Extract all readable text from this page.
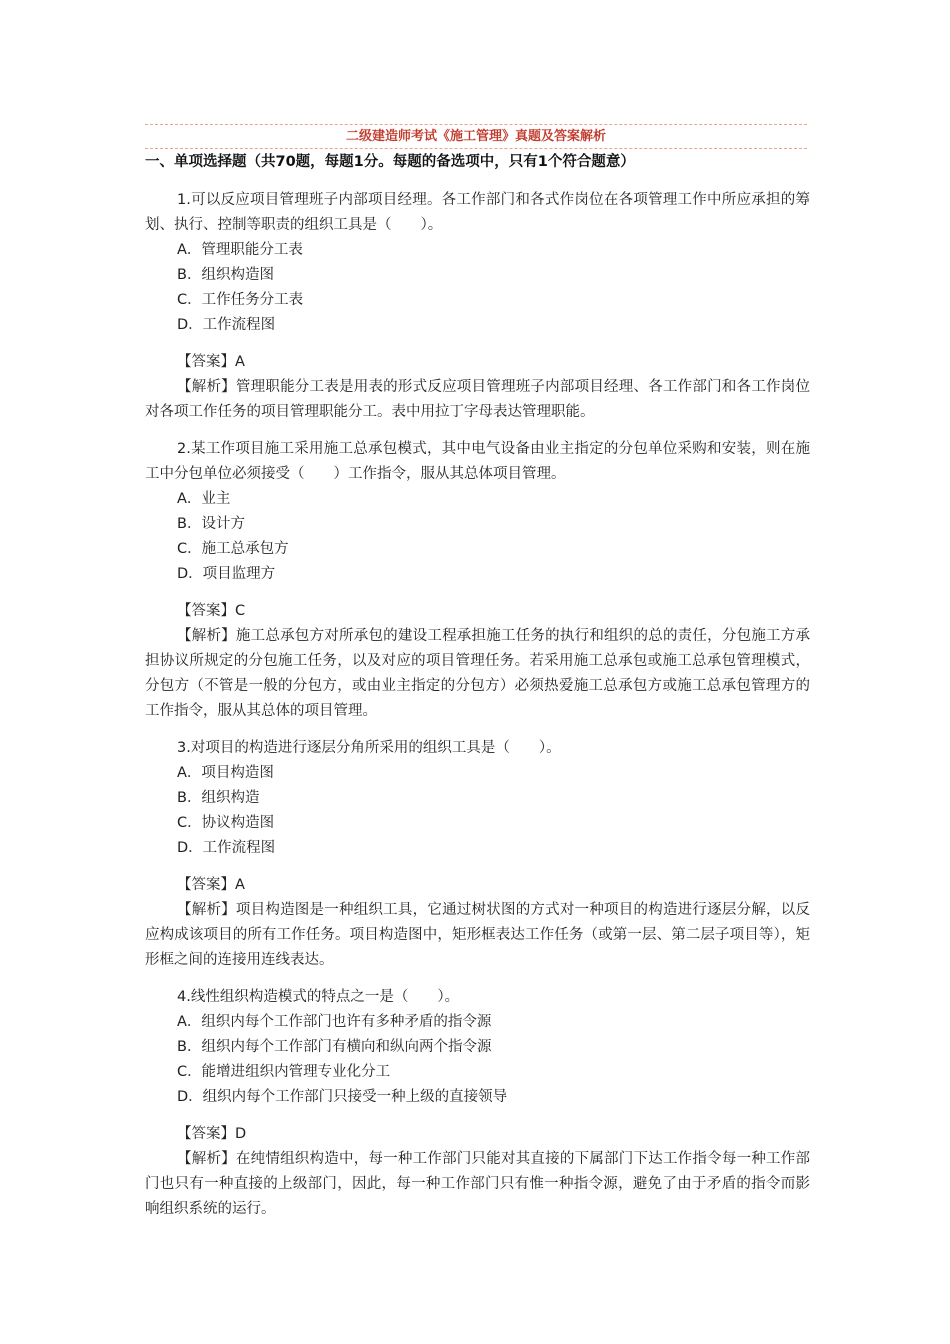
二级建造师考试《施工管理》真题及答案解析
一、单项选择题（共70题，每题1分。每题的备选项中，只有1个符合题意）

1.可以反应项目管理班子内部项目经理。各工作部门和各式作岗位在各项管理工作中所应承担的筹划、执行、控制等职责的组织工具是（　　）。

A．管理职能分工表

B．组织构造图

C．工作任务分工表

D．工作流程图

【答案】A

【解析】管理职能分工表是用表的形式反应项目管理班子内部项目经理、各工作部门和各工作岗位对各项工作任务的项目管理职能分工。表中用拉丁字母表达管理职能。

2.某工作项目施工采用施工总承包模式，其中电气设备由业主指定的分包单位采购和安装，则在施工中分包单位必须接受（　　）工作指令，服从其总体项目管理。

A．业主

B．设计方

C．施工总承包方

D．项目监理方

【答案】C

【解析】施工总承包方对所承包的建设工程承担施工任务的执行和组织的总的责任，分包施工方承担协议所规定的分包施工任务，以及对应的项目管理任务。若采用施工总承包或施工总承包管理模式，分包方（不管是一般的分包方，或由业主指定的分包方）必须热爱施工总承包方或施工总承包管理方的工作指令，服从其总体的项目管理。

3.对项目的构造进行逐层分角所采用的组织工具是（　　）。

A．项目构造图

B．组织构造

C．协议构造图

D．工作流程图

【答案】A

【解析】项目构造图是一种组织工具，它通过树状图的方式对一种项目的构造进行逐层分解，以反应构成该项目的所有工作任务。项目构造图中，矩形框表达工作任务（或第一层、第二层子项目等），矩形框之间的连接用连线表达。

4.线性组织构造模式的特点之一是（　　）。

A．组织内每个工作部门也许有多种矛盾的指令源

B．组织内每个工作部门有横向和纵向两个指令源

C．能增进组织内管理专业化分工

D．组织内每个工作部门只接受一种上级的直接领导

【答案】D

【解析】在纯情组织构造中，每一种工作部门只能对其直接的下属部门下达工作指令每一种工作部门也只有一种直接的上级部门，因此，每一种工作部门只有惟一种指令源，避免了由于矛盾的指令而影响组织系统的运行。
